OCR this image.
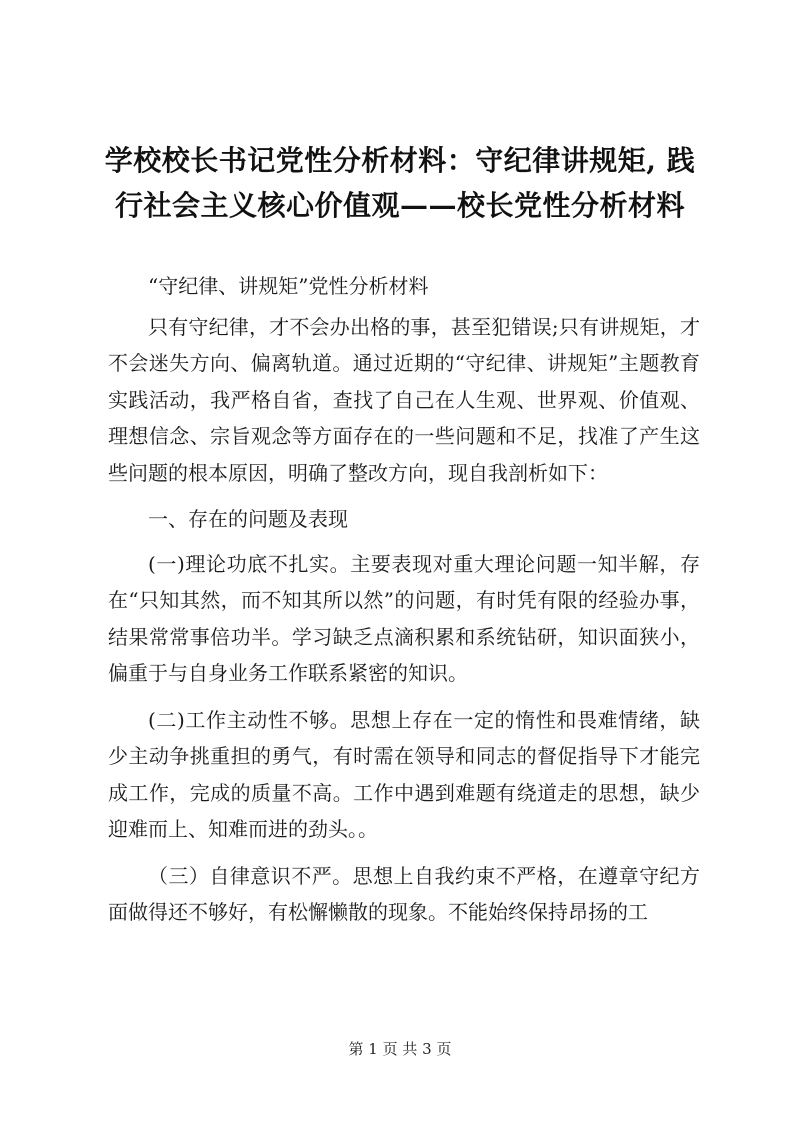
学校校长书记党性分析材料：守纪律讲规矩, 践行社会主义核心价值观——校长党性分析材料

“守纪律、讲规矩”党性分析材料

只有守纪律，才不会办出格的事，甚至犯错误;只有讲规矩，才不会迷失方向、偏离轨道。通过近期的“守纪律、讲规矩”主题教育实践活动，我严格自省，查找了自己在人生观、世界观、价值观、理想信念、宗旨观念等方面存在的一些问题和不足，找准了产生这些问题的根本原因，明确了整改方向，现自我剖析如下：

一、存在的问题及表现

(一)理论功底不扎实。主要表现对重大理论问题一知半解，存在“只知其然，而不知其所以然”的问题，有时凭有限的经验办事，结果常常事倍功半。学习缺乏点滴积累和系统钻研，知识面狭小，偏重于与自身业务工作联系紧密的知识。

(二)工作主动性不够。思想上存在一定的惰性和畏难情绪，缺少主动争挑重担的勇气，有时需在领导和同志的督促指导下才能完成工作，完成的质量不高。工作中遇到难题有绕道走的思想，缺少迎难而上、知难而进的劲头。。

（三）自律意识不严。思想上自我约束不严格，在遵章守纪方面做得还不够好，有松懈懒散的现象。不能始终保持昂扬的工

第 1 页 共 3 页
